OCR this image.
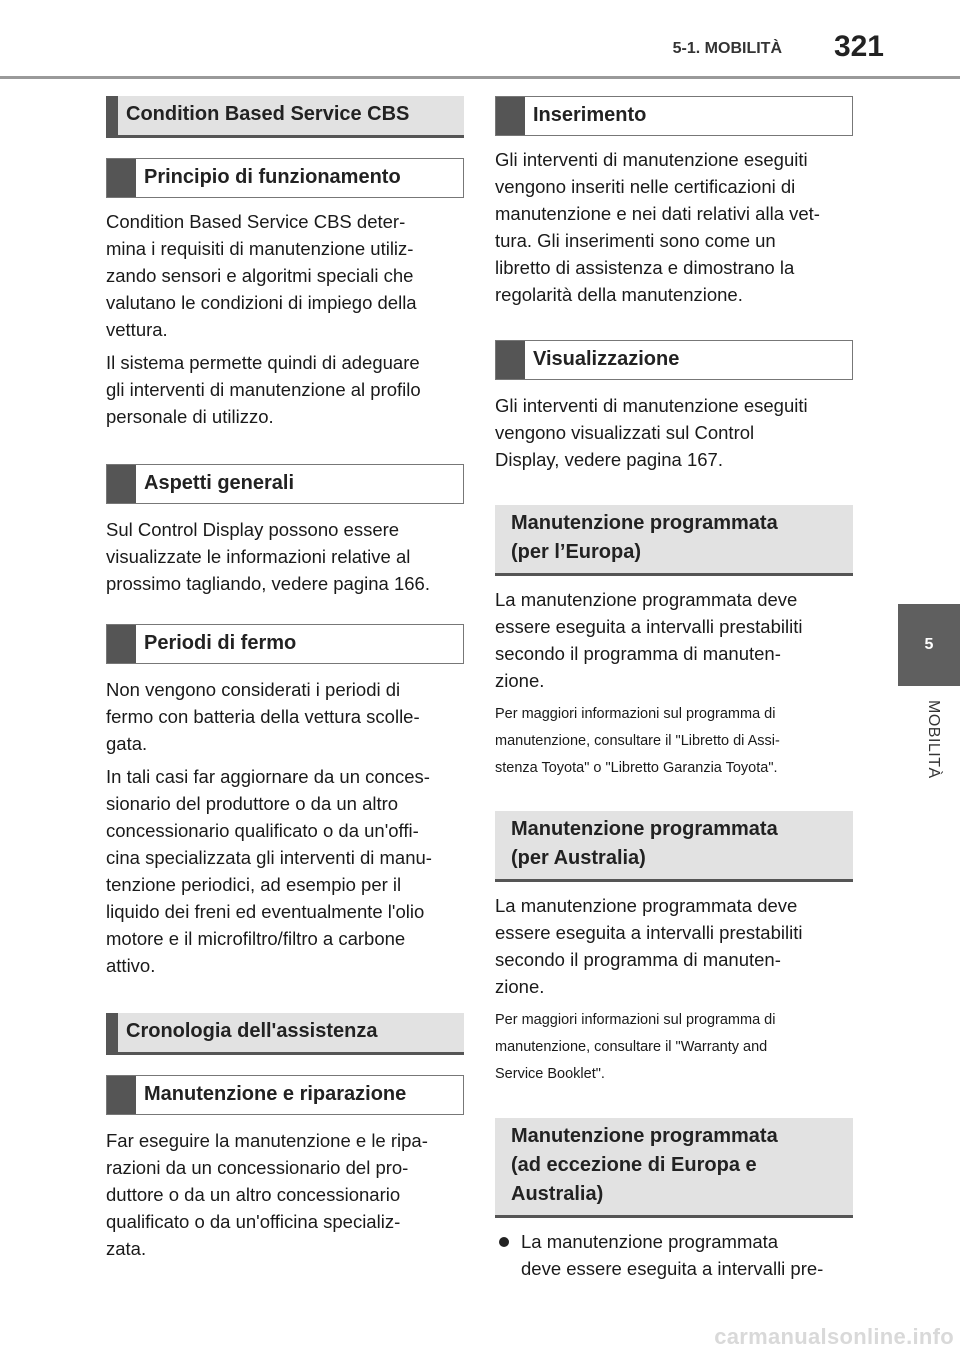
5-1. MOBILITÀ 321
5
MOBILITÀ
Condition Based Service CBS
Principio di funzionamento

Condition Based Service CBS deter-
mina i requisiti di manutenzione utiliz-
zando sensori e algoritmi speciali che
valutano le condizioni di impiego della
vettura.

Il sistema permette quindi di adeguare
gli interventi di manutenzione al profilo
personale di utilizzo.

Aspetti generali

Sul Control Display possono essere
visualizzate le informazioni relative al
prossimo tagliando, vedere pagina 166.

Periodi di fermo

Non vengono considerati i periodi di
fermo con batteria della vettura scolle-
gata.

In tali casi far aggiornare da un conces-
sionario del produttore o da un altro
concessionario qualificato o da un'offi-
cina specializzata gli interventi di manu-
tenzione periodici, ad esempio per il
liquido dei freni ed eventualmente l'olio
motore e il microfiltro/filtro a carbone
attivo.

Cronologia dell'assistenza
Manutenzione e riparazione

Far eseguire la manutenzione e le ripa-
razioni da un concessionario del pro-
duttore o da un altro concessionario
qualificato o da un'officina specializ-
zata.

Inserimento

Gli interventi di manutenzione eseguiti
vengono inseriti nelle certificazioni di
manutenzione e nei dati relativi alla vet-
tura. Gli inserimenti sono come un
libretto di assistenza e dimostrano la
regolarità della manutenzione.

Visualizzazione

Gli interventi di manutenzione eseguiti
vengono visualizzati sul Control
Display, vedere pagina 167.

Manutenzione programmata
(per l’Europa)

La manutenzione programmata deve
essere eseguita a intervalli prestabiliti
secondo il programma di manuten-
zione.

Per maggiori informazioni sul programma di
manutenzione, consultare il "Libretto di Assi-
stenza Toyota" o "Libretto Garanzia Toyota".

Manutenzione programmata
(per Australia)

La manutenzione programmata deve
essere eseguita a intervalli prestabiliti
secondo il programma di manuten-
zione.

Per maggiori informazioni sul programma di
manutenzione, consultare il "Warranty and
Service Booklet".

Manutenzione programmata
(ad eccezione di Europa e
Australia)
La manutenzione programmata
deve essere eseguita a intervalli pre-
carmanualsonline.info
